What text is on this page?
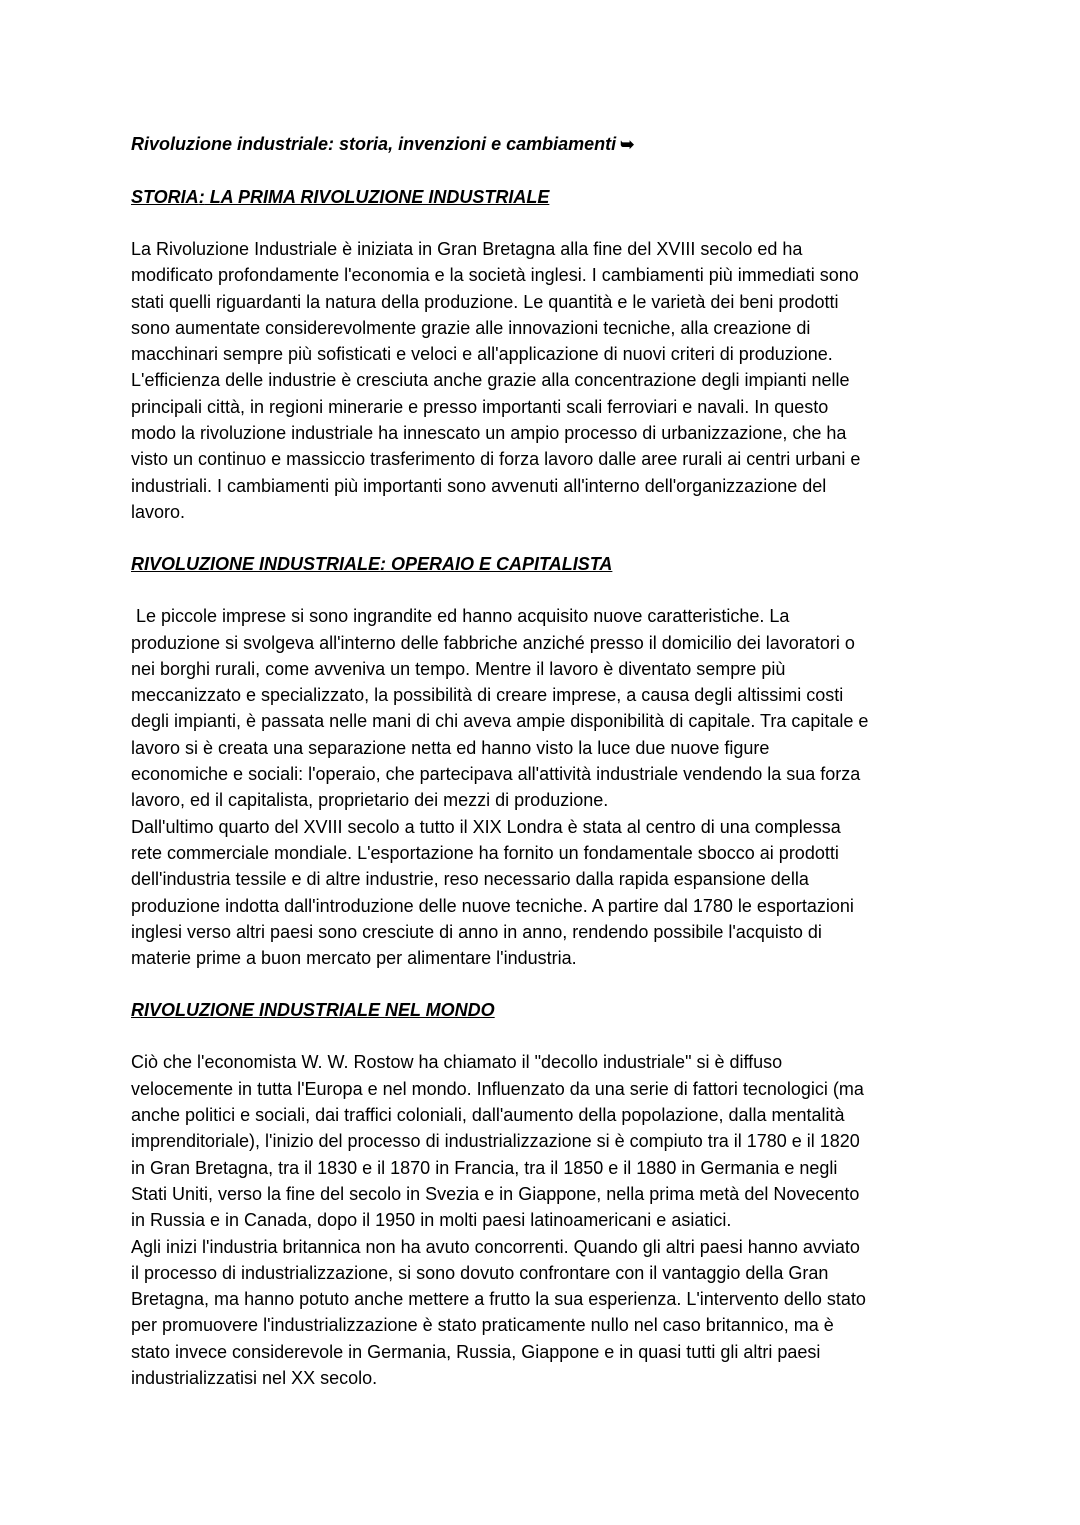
Rivoluzione industriale: storia, invenzioni e cambiamenti ➥
STORIA: LA PRIMA RIVOLUZIONE INDUSTRIALE

La Rivoluzione Industriale è iniziata in Gran Bretagna alla fine del XVIII secolo ed ha
modificato profondamente l'economia e la società inglesi. I cambiamenti più immediati sono
stati quelli riguardanti la natura della produzione. Le quantità e le varietà dei beni prodotti
sono aumentate considerevolmente grazie alle innovazioni tecniche, alla creazione di
macchinari sempre più sofisticati e veloci e all'applicazione di nuovi criteri di produzione.
L'efficienza delle industrie è cresciuta anche grazie alla concentrazione degli impianti nelle
principali città, in regioni minerarie e presso importanti scali ferroviari e navali. In questo
modo la rivoluzione industriale ha innescato un ampio processo di urbanizzazione, che ha
visto un continuo e massiccio trasferimento di forza lavoro dalle aree rurali ai centri urbani e
industriali. I cambiamenti più importanti sono avvenuti all'interno dell'organizzazione del
lavoro.

RIVOLUZIONE INDUSTRIALE: OPERAIO E CAPITALISTA

Le piccole imprese si sono ingrandite ed hanno acquisito nuove caratteristiche. La
produzione si svolgeva all'interno delle fabbriche anziché presso il domicilio dei lavoratori o
nei borghi rurali, come avveniva un tempo. Mentre il lavoro è diventato sempre più
meccanizzato e specializzato, la possibilità di creare imprese, a causa degli altissimi costi
degli impianti, è passata nelle mani di chi aveva ampie disponibilità di capitale. Tra capitale e
lavoro si è creata una separazione netta ed hanno visto la luce due nuove figure
economiche e sociali: l'operaio, che partecipava all'attività industriale vendendo la sua forza
lavoro, ed il capitalista, proprietario dei mezzi di produzione.

Dall'ultimo quarto del XVIII secolo a tutto il XIX Londra è stata al centro di una complessa
rete commerciale mondiale. L'esportazione ha fornito un fondamentale sbocco ai prodotti
dell'industria tessile e di altre industrie, reso necessario dalla rapida espansione della
produzione indotta dall'introduzione delle nuove tecniche. A partire dal 1780 le esportazioni
inglesi verso altri paesi sono cresciute di anno in anno, rendendo possibile l'acquisto di
materie prime a buon mercato per alimentare l'industria.

RIVOLUZIONE INDUSTRIALE NEL MONDO

Ciò che l'economista W. W. Rostow ha chiamato il "decollo industriale" si è diffuso
velocemente in tutta l'Europa e nel mondo. Influenzato da una serie di fattori tecnologici (ma
anche politici e sociali, dai traffici coloniali, dall'aumento della popolazione, dalla mentalità
imprenditoriale), l'inizio del processo di industrializzazione si è compiuto tra il 1780 e il 1820
in Gran Bretagna, tra il 1830 e il 1870 in Francia, tra il 1850 e il 1880 in Germania e negli
Stati Uniti, verso la fine del secolo in Svezia e in Giappone, nella prima metà del Novecento
in Russia e in Canada, dopo il 1950 in molti paesi latinoamericani e asiatici.

Agli inizi l'industria britannica non ha avuto concorrenti. Quando gli altri paesi hanno avviato
il processo di industrializzazione, si sono dovuto confrontare con il vantaggio della Gran
Bretagna, ma hanno potuto anche mettere a frutto la sua esperienza. L'intervento dello stato
per promuovere l'industrializzazione è stato praticamente nullo nel caso britannico, ma è
stato invece considerevole in Germania, Russia, Giappone e in quasi tutti gli altri paesi
industrializzatisi nel XX secolo.
